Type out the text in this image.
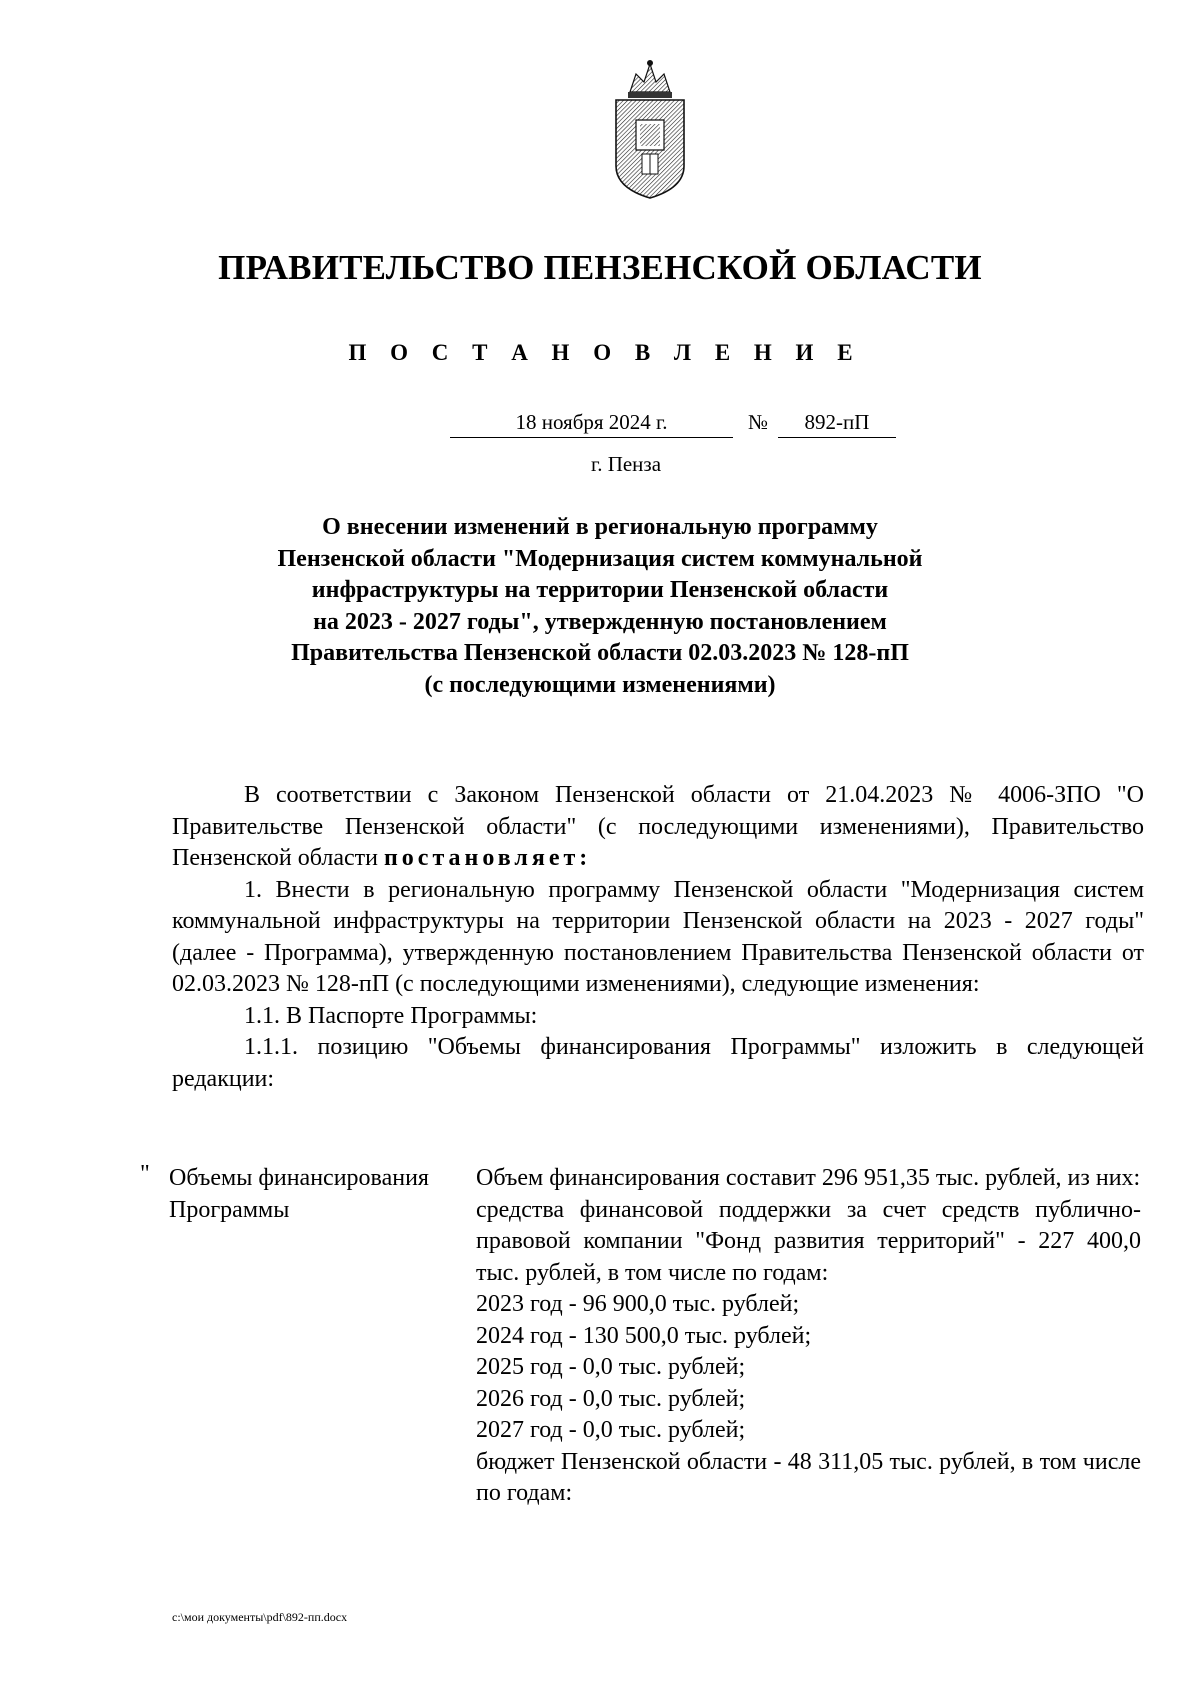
ПРАВИТЕЛЬСТВО ПЕНЗЕНСКОЙ ОБЛАСТИ
П О С Т А Н О В Л Е Н И Е
18 ноября 2024 г.	№	892-пП
г. Пенза
О внесении изменений в региональную программу
Пензенской области "Модернизация систем коммунальной
инфраструктуры на территории Пензенской области
на 2023 - 2027 годы", утвержденную постановлением
Правительства Пензенской области 02.03.2023 № 128-пП
(с последующими изменениями)

В соответствии с Законом Пензенской области от 21.04.2023 № 4006-ЗПО "О Правительстве Пензенской области" (с последующими изменениями), Правительство Пензенской области постановляет:

1. Внести в региональную программу Пензенской области "Модернизация систем коммунальной инфраструктуры на территории Пензенской области на 2023 - 2027 годы" (далее - Программа), утвержденную постановлением Правительства Пензенской области от 02.03.2023 № 128-пП (с последующими изменениями), следующие изменения:

1.1. В Паспорте Программы:

1.1.1. позицию "Объемы финансирования Программы" изложить в следующей редакции:

" Объемы финансирования Программы

Объем финансирования составит 296 951,35 тыс. рублей, из них:

средства финансовой поддержки за счет средств публично-правовой компании "Фонд развития территорий" - 227 400,0 тыс. рублей, в том числе по годам:

2023 год - 96 900,0 тыс. рублей;

2024 год - 130 500,0 тыс. рублей;

2025 год - 0,0 тыс. рублей;

2026 год - 0,0 тыс. рублей;

2027 год - 0,0 тыс. рублей;

бюджет Пензенской области - 48 311,05 тыс. рублей, в том числе по годам:

c:\мои документы\pdf\892-пп.docx
